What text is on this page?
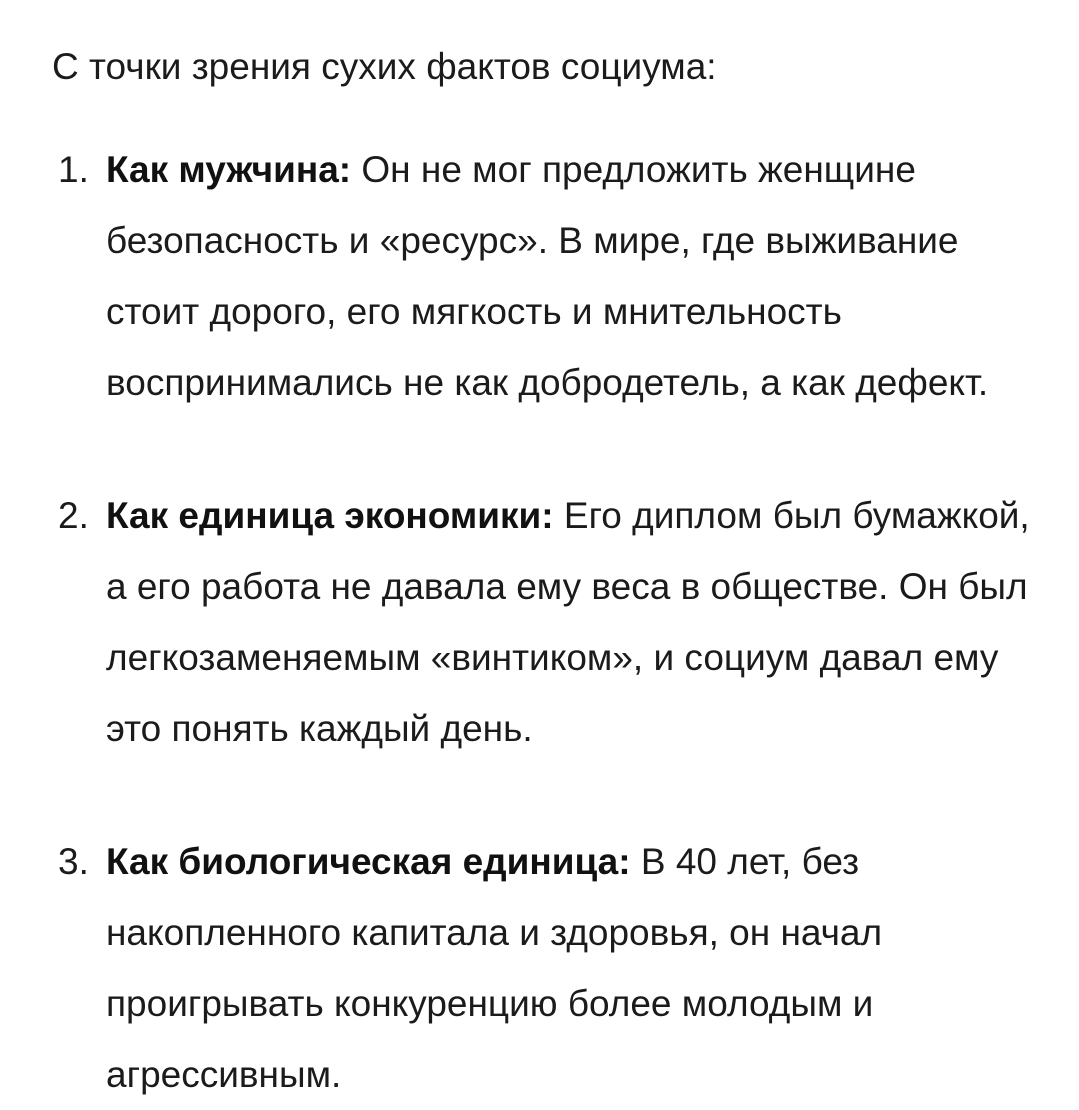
С точки зрения сухих фактов социума:

1. Как мужчина: Он не мог предложить женщине безопасность и «ресурс». В мире, где выживание стоит дорого, его мягкость и мнительность воспринимались не как добродетель, а как дефект.
2. Как единица экономики: Его диплом был бумажкой, а его работа не давала ему веса в обществе. Он был легкозаменяемым «винтиком», и социум давал ему это понять каждый день.
3. Как биологическая единица: В 40 лет, без накопленного капитала и здоровья, он начал проигрывать конкуренцию более молодым и агрессивным.
